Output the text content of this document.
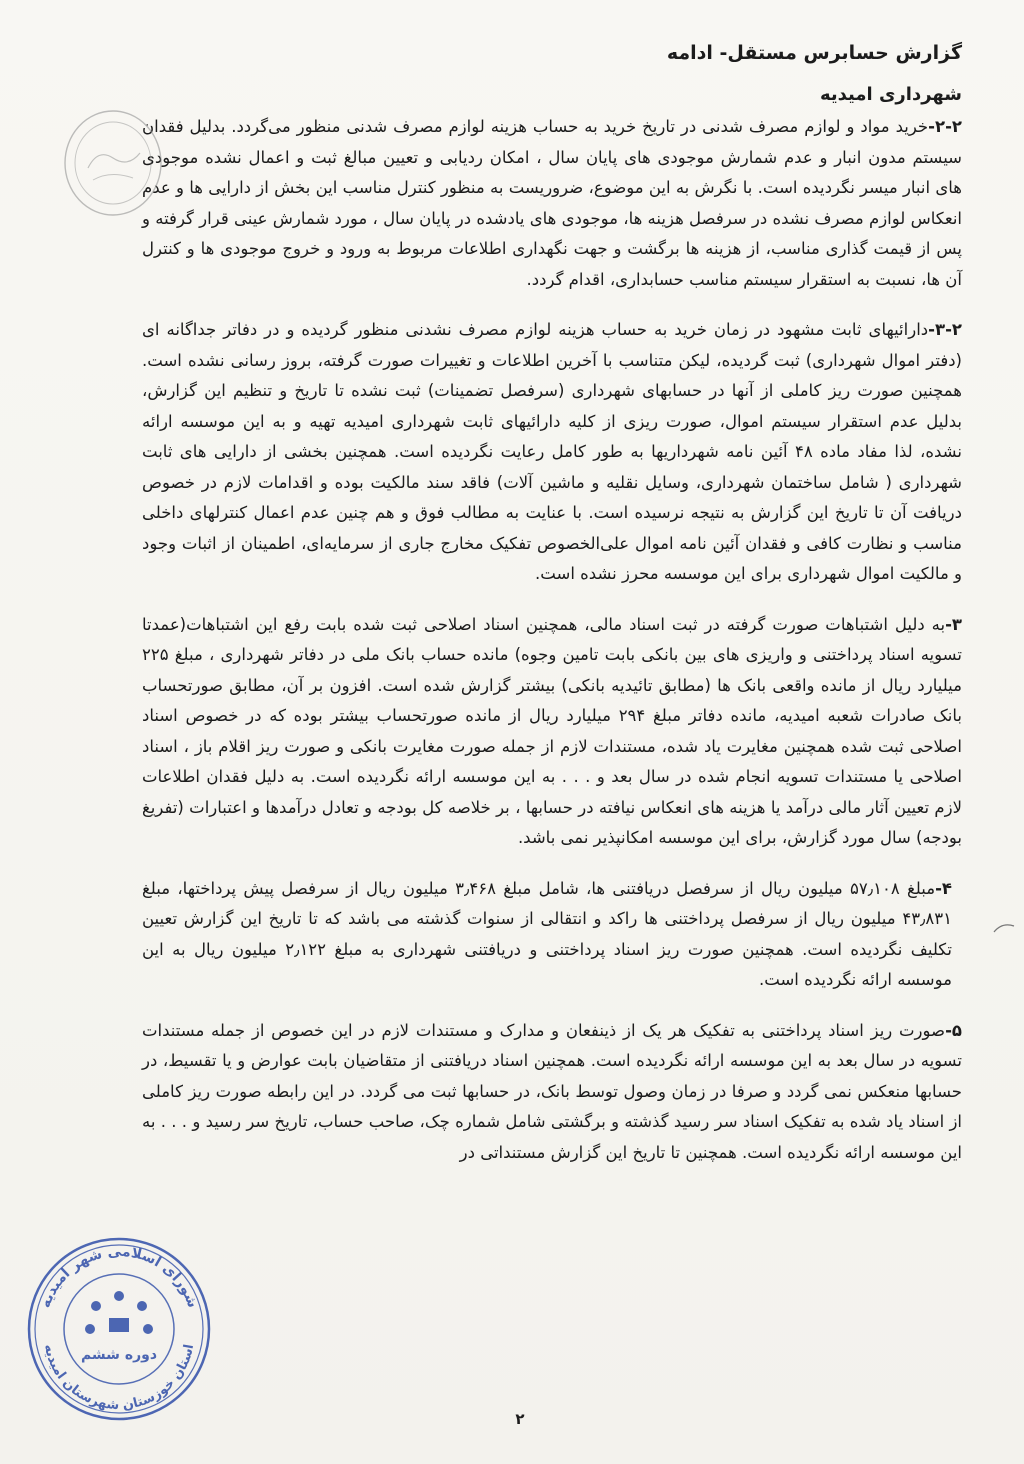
گزارش حسابرس مستقل- ادامه
شهرداری امیدیه

۲-۲-خرید مواد و لوازم مصرف شدنی در تاریخ خرید به حساب هزینه لوازم مصرف شدنی منظور می‌گردد. بدلیل فقدان سیستم مدون انبار و عدم شمارش موجودی های پایان سال ، امکان ردیابی و تعیین مبالغ ثبت و اعمال نشده موجودی های انبار میسر نگردیده است. با نگرش به این موضوع، ضروریست به منظور کنترل مناسب این بخش از دارایی ها و عدم انعکاس لوازم مصرف نشده در سرفصل هزینه ها، موجودی های یادشده در پایان سال ، مورد شمارش عینی قرار گرفته و پس از قیمت گذاری مناسب، از هزینه ها برگشت و جهت نگهداری اطلاعات مربوط به ورود و خروج موجودی ها و کنترل آن ها، نسبت به استقرار سیستم مناسب حسابداری، اقدام گردد.

۳-۲-دارائیهای ثابت مشهود در زمان خرید به حساب هزینه لوازم مصرف نشدنی منظور گردیده و در دفاتر جداگانه ای (دفتر اموال شهرداری) ثبت گردیده، لیکن متناسب با آخرین اطلاعات و تغییرات صورت گرفته، بروز رسانی نشده است. همچنین صورت ریز کاملی از آنها در حسابهای شهرداری (سرفصل تضمینات) ثبت نشده تا تاریخ و تنظیم این گزارش، بدلیل عدم استقرار سیستم اموال، صورت ریزی از کلیه دارائیهای ثابت شهرداری امیدیه تهیه و به این موسسه ارائه نشده، لذا مفاد ماده ۴۸ آئین نامه شهرداریها به طور کامل رعایت نگردیده است. همچنین بخشی از دارایی های ثابت شهرداری ( شامل ساختمان شهرداری، وسایل نقلیه و ماشین آلات) فاقد سند مالکیت بوده و اقدامات لازم در خصوص دریافت آن تا تاریخ این گزارش به نتیجه نرسیده است. با عنایت به مطالب فوق و هم چنین عدم اعمال کنترلهای داخلی مناسب و نظارت کافی و فقدان آئین نامه اموال علی‌الخصوص تفکیک مخارج جاری از سرمایه‌ای، اطمینان از اثبات وجود و مالکیت اموال شهرداری برای این موسسه محرز نشده است.

۳-به دلیل اشتباهات صورت گرفته در ثبت اسناد مالی، همچنین اسناد اصلاحی ثبت شده بابت رفع این اشتباهات(عمدتا تسویه اسناد پرداختنی و واریزی های بین بانکی بابت تامین وجوه) مانده حساب بانک ملی در دفاتر شهرداری ، مبلغ ۲۲۵ میلیارد ریال از مانده واقعی بانک ها (مطابق تائیدیه بانکی) بیشتر گزارش شده است. افزون بر آن، مطابق صورتحساب بانک صادرات شعبه امیدیه، مانده دفاتر مبلغ ۲۹۴ میلیارد ریال از مانده صورتحساب بیشتر بوده که در خصوص اسناد اصلاحی ثبت شده همچنین مغایرت یاد شده، مستندات لازم از جمله صورت مغایرت بانکی و صورت ریز اقلام باز ، اسناد اصلاحی یا مستندات تسویه انجام شده در سال بعد و . . . به این موسسه ارائه نگردیده است. به دلیل فقدان اطلاعات لازم تعیین آثار مالی درآمد یا هزینه های انعکاس نیافته در حسابها ، بر خلاصه کل بودجه و تعادل درآمدها و اعتبارات (تفریغ بودجه) سال مورد گزارش، برای این موسسه امکانپذیر نمی باشد.

۴-مبلغ ۵۷٫۱۰۸ میلیون ریال از سرفصل دریافتنی ها، شامل مبلغ ۳٫۴۶۸ میلیون ریال از سرفصل پیش پرداختها، مبلغ ۴۳٫۸۳۱ میلیون ریال از سرفصل پرداختنی ها راکد و انتقالی از سنوات گذشته می باشد که تا تاریخ این گزارش تعیین تکلیف نگردیده است. همچنین صورت ریز اسناد پرداختنی و دریافتنی شهرداری به مبلغ ۲٫۱۲۲ میلیون ریال به این موسسه ارائه نگردیده است.

۵-صورت ریز اسناد پرداختنی به تفکیک هر یک از ذینفعان و مدارک و مستندات لازم در این خصوص از جمله مستندات تسویه در سال بعد به این موسسه ارائه نگردیده است. همچنین اسناد دریافتنی از متقاضیان بابت عوارض و یا تقسیط، در حسابها منعکس نمی گردد و صرفا در زمان وصول توسط بانک، در حسابها ثبت می گردد. در این رابطه صورت ریز کاملی از اسناد یاد شده به تفکیک اسناد سر رسید گذشته و برگشتی شامل شماره چک، صاحب حساب، تاریخ سر رسید و . . . به این موسسه ارائه نگردیده است. همچنین تا تاریخ این گزارش مستنداتی در

۲
شورای اسلامی شهر امیدیه
استان خوزستان شهرستان امیدیه
دوره ششم
